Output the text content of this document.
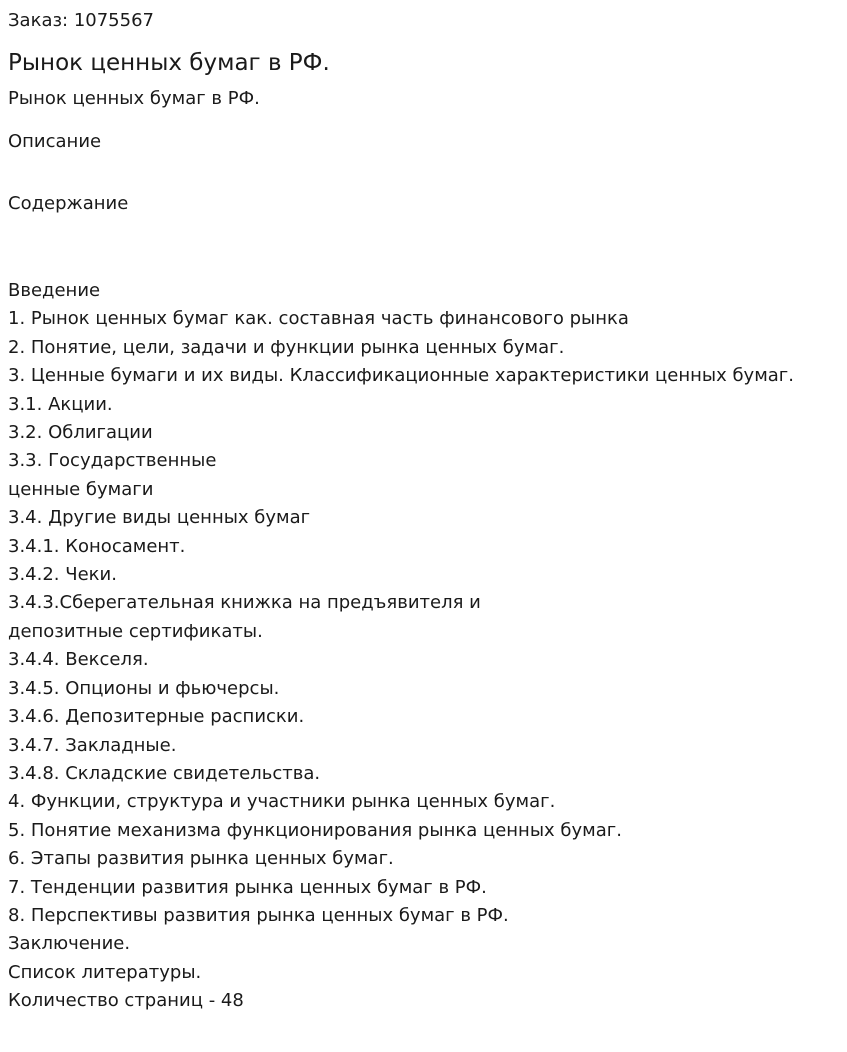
Заказ: 1075567
Рынок ценных бумаг в РФ.
Рынок ценных бумаг в РФ.
Описание
Содержание
Введение
1. Рынок ценных бумаг как. составная часть финансового рынка
2. Понятие, цели, задачи и функции рынка ценных бумаг.
3. Ценные бумаги и их виды. Классификационные характеристики ценных бумаг.
3.1. Акции.
3.2. Облигации
3.3. Государственные
ценные бумаги
3.4. Другие виды ценных бумаг
3.4.1. Коносамент.
3.4.2. Чеки.
3.4.3.Сберегательная книжка на предъявителя и
депозитные сертификаты.
3.4.4. Векселя.
3.4.5. Опционы и фьючерсы.
3.4.6. Депозитерные расписки.
3.4.7. Закладные.
3.4.8. Складские свидетельства.
4. Функции, структура и участники рынка ценных бумаг.
5. Понятие механизма функционирования рынка ценных бумаг.
6. Этапы развития рынка ценных бумаг.
7. Тенденции развития рынка ценных бумаг в РФ.
8. Перспективы развития рынка ценных бумаг в РФ.
Заключение.
Список литературы.
Количество страниц - 48
